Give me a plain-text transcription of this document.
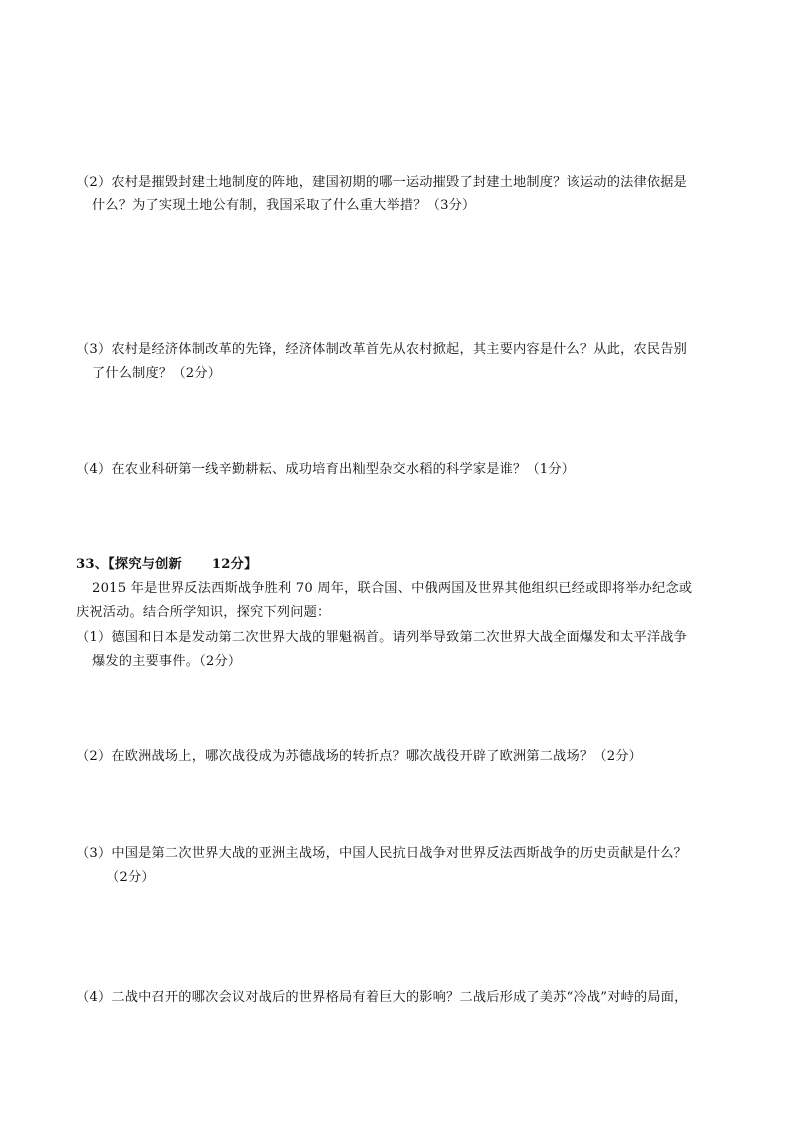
（2）农村是摧毁封建土地制度的阵地，建国初期的哪一运动摧毁了封建土地制度？该运动的法律依据是
什么？为了实现土地公有制，我国采取了什么重大举措？（3分）
（3）农村是经济体制改革的先锋，经济体制改革首先从农村掀起，其主要内容是什么？从此，农民告别
了什么制度？（2分）
（4）在农业科研第一线辛勤耕耘、成功培育出籼型杂交水稻的科学家是谁？（1分）
33、【探究与创新 12分】
2015 年是世界反法西斯战争胜利 70 周年，联合国、中俄两国及世界其他组织已经或即将举办纪念或
庆祝活动。结合所学知识，探究下列问题：
（1）德国和日本是发动第二次世界大战的罪魁祸首。请列举导致第二次世界大战全面爆发和太平洋战争
爆发的主要事件。（2分）
（2）在欧洲战场上，哪次战役成为苏德战场的转折点？哪次战役开辟了欧洲第二战场？（2分）
（3）中国是第二次世界大战的亚洲主战场，中国人民抗日战争对世界反法西斯战争的历史贡献是什么？
（2分）
（4）二战中召开的哪次会议对战后的世界格局有着巨大的影响？二战后形成了美苏“冷战”对峙的局面，
